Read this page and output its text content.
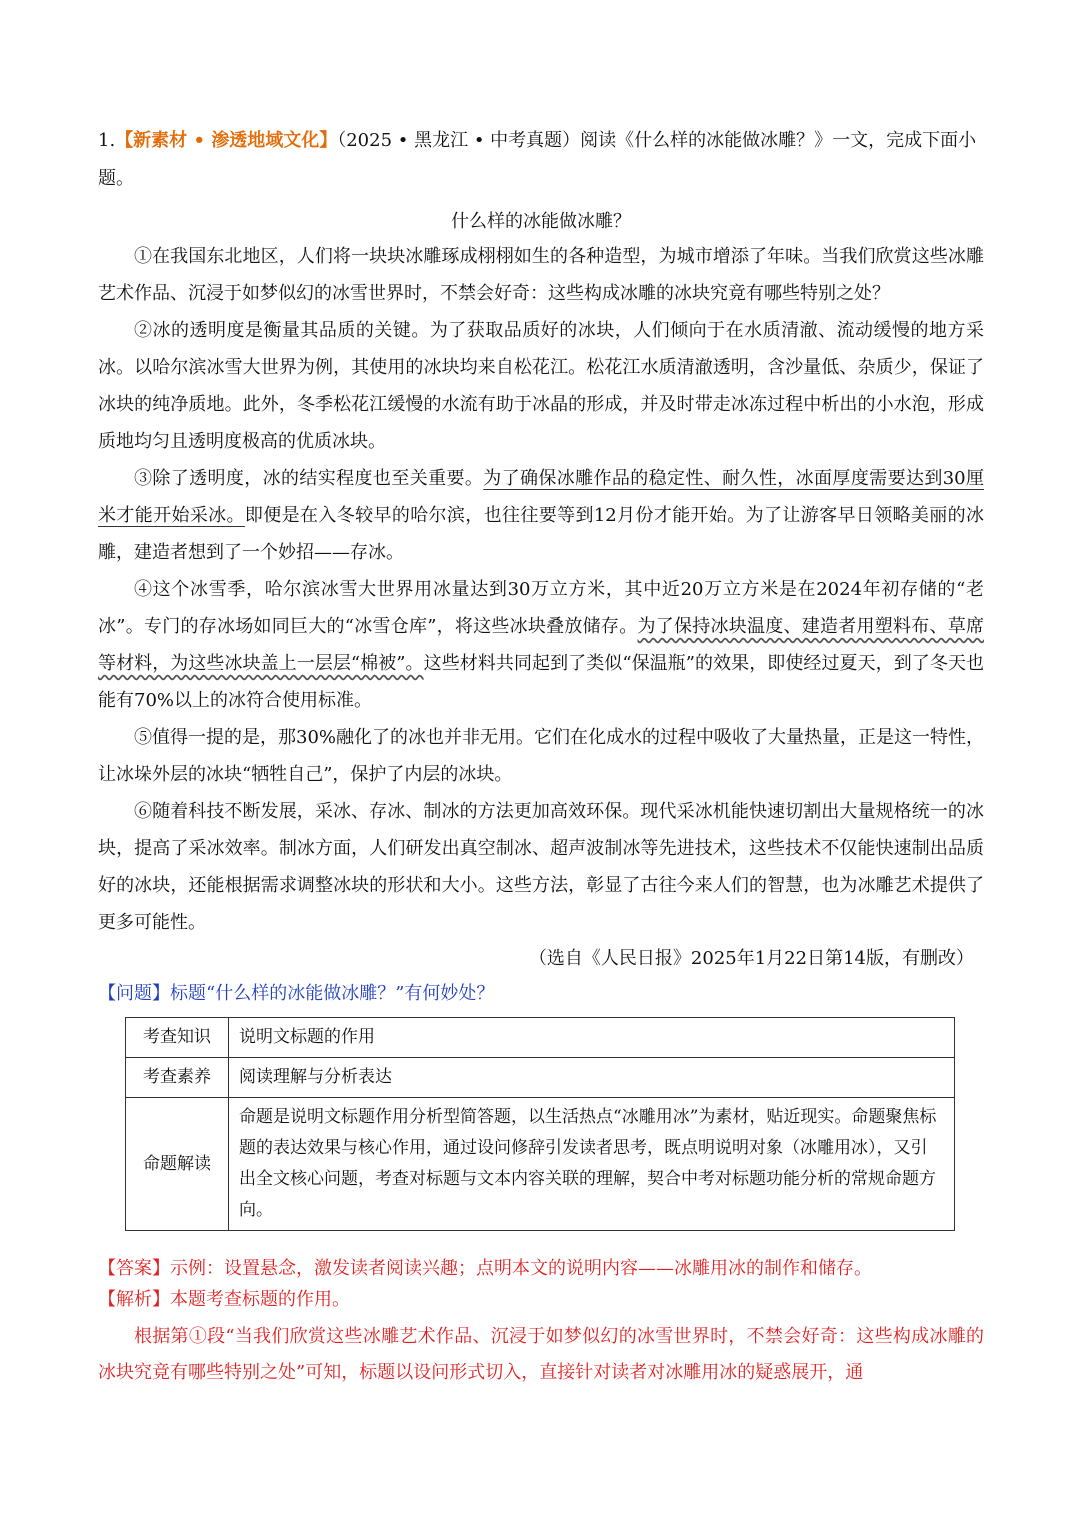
1.【新素材 • 渗透地域文化】（2025 • 黑龙江 • 中考真题）阅读《什么样的冰能做冰雕？》一文，完成下面小题。
什么样的冰能做冰雕？

①在我国东北地区，人们将一块块冰雕琢成栩栩如生的各种造型，为城市增添了年味。当我们欣赏这些冰雕艺术作品、沉浸于如梦似幻的冰雪世界时，不禁会好奇：这些构成冰雕的冰块究竟有哪些特别之处？

②冰的透明度是衡量其品质的关键。为了获取品质好的冰块，人们倾向于在水质清澈、流动缓慢的地方采冰。以哈尔滨冰雪大世界为例，其使用的冰块均来自松花江。松花江水质清澈透明，含沙量低、杂质少，保证了冰块的纯净质地。此外，冬季松花江缓慢的水流有助于冰晶的形成，并及时带走冰冻过程中析出的小水泡，形成质地均匀且透明度极高的优质冰块。

③除了透明度，冰的结实程度也至关重要。为了确保冰雕作品的稳定性、耐久性，冰面厚度需要达到30厘米才能开始采冰。即便是在入冬较早的哈尔滨，也往往要等到12月份才能开始。为了让游客早日领略美丽的冰雕，建造者想到了一个妙招——存冰。

④这个冰雪季，哈尔滨冰雪大世界用冰量达到30万立方米，其中近20万立方米是在2024年初存储的“老冰”。专门的存冰场如同巨大的“冰雪仓库”，将这些冰块叠放储存。为了保持冰块温度、建造者用塑料布、草席等材料，为这些冰块盖上一层层“棉被”。这些材料共同起到了类似“保温瓶”的效果，即使经过夏天，到了冬天也能有70%以上的冰符合使用标准。

⑤值得一提的是，那30%融化了的冰也并非无用。它们在化成水的过程中吸收了大量热量，正是这一特性，让冰垛外层的冰块“牺牲自己”，保护了内层的冰块。

⑥随着科技不断发展，采冰、存冰、制冰的方法更加高效环保。现代采冰机能快速切割出大量规格统一的冰块，提高了采冰效率。制冰方面，人们研发出真空制冰、超声波制冰等先进技术，这些技术不仅能快速制出品质好的冰块，还能根据需求调整冰块的形状和大小。这些方法，彰显了古往今来人们的智慧，也为冰雕艺术提供了更多可能性。

（选自《人民日报》2025年1月22日第14版，有删改）
【问题】标题“什么样的冰能做冰雕？”有何妙处？
考查知识	说明文标题的作用
考查素养	阅读理解与分析表达
命题解读	命题是说明文标题作用分析型简答题，以生活热点“冰雕用冰”为素材，贴近现实。命题聚焦标题的表达效果与核心作用，通过设问修辞引发读者思考，既点明说明对象（冰雕用冰），又引出全文核心问题，考查对标题与文本内容关联的理解，契合中考对标题功能分析的常规命题方向。
【答案】示例：设置悬念，激发读者阅读兴趣；点明本文的说明内容——冰雕用冰的制作和储存。
【解析】本题考查标题的作用。
根据第①段“当我们欣赏这些冰雕艺术作品、沉浸于如梦似幻的冰雪世界时，不禁会好奇：这些构成冰雕的冰块究竟有哪些特别之处”可知，标题以设问形式切入，直接针对读者对冰雕用冰的疑惑展开，通
